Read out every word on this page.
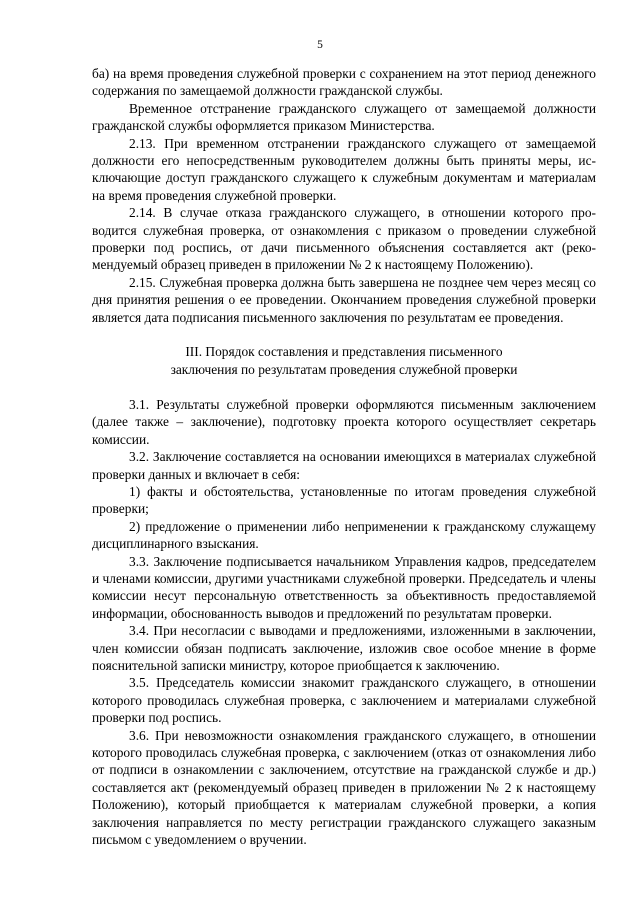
5

ба) на время проведения служебной проверки с сохранением на этот период денежного содержания по замещаемой должности гражданской службы.

Временное отстранение гражданского служащего от замещаемой должности гражданской службы оформляется приказом Министерства.

2.13. При временном отстранении гражданского служащего от замещаемой должности его непосредственным руководителем должны быть приняты меры, исключающие доступ гражданского служащего к служебным документам и материалам на время проведения служебной проверки.

2.14. В случае отказа гражданского служащего, в отношении которого проводится служебная проверка, от ознакомления с приказом о проведении служебной проверки под роспись, от дачи письменного объяснения составляется акт (рекомендуемый образец приведен в приложении № 2 к настоящему Положению).

2.15. Служебная проверка должна быть завершена не позднее чем через месяц со дня принятия решения о ее проведении. Окончанием проведения служебной проверки является дата подписания письменного заключения по результатам ее проведения.

III. Порядок составления и представления письменного
заключения по результатам проведения служебной проверки

3.1. Результаты служебной проверки оформляются письменным заключением (далее также – заключение), подготовку проекта которого осуществляет секретарь комиссии.

3.2. Заключение составляется на основании имеющихся в материалах служебной проверки данных и включает в себя:

1) факты и обстоятельства, установленные по итогам проведения служебной проверки;

2) предложение о применении либо неприменении к гражданскому служащему дисциплинарного взыскания.

3.3. Заключение подписывается начальником Управления кадров, председателем и членами комиссии, другими участниками служебной проверки. Председатель и члены комиссии несут персональную ответственность за объективность предоставляемой информации, обоснованность выводов и предложений по результатам проверки.

3.4. При несогласии с выводами и предложениями, изложенными в заключении, член комиссии обязан подписать заключение, изложив свое особое мнение в форме пояснительной записки министру, которое приобщается к заключению.

3.5. Председатель комиссии знакомит гражданского служащего, в отношении которого проводилась служебная проверка, с заключением и материалами служебной проверки под роспись.

3.6. При невозможности ознакомления гражданского служащего, в отношении которого проводилась служебная проверка, с заключением (отказ от ознакомления либо от подписи в ознакомлении с заключением, отсутствие на гражданской службе и др.) составляется акт (рекомендуемый образец приведен в приложении № 2 к настоящему Положению), который приобщается к материалам служебной проверки, а копия заключения направляется по месту регистрации гражданского служащего заказным письмом с уведомлением о вручении.
